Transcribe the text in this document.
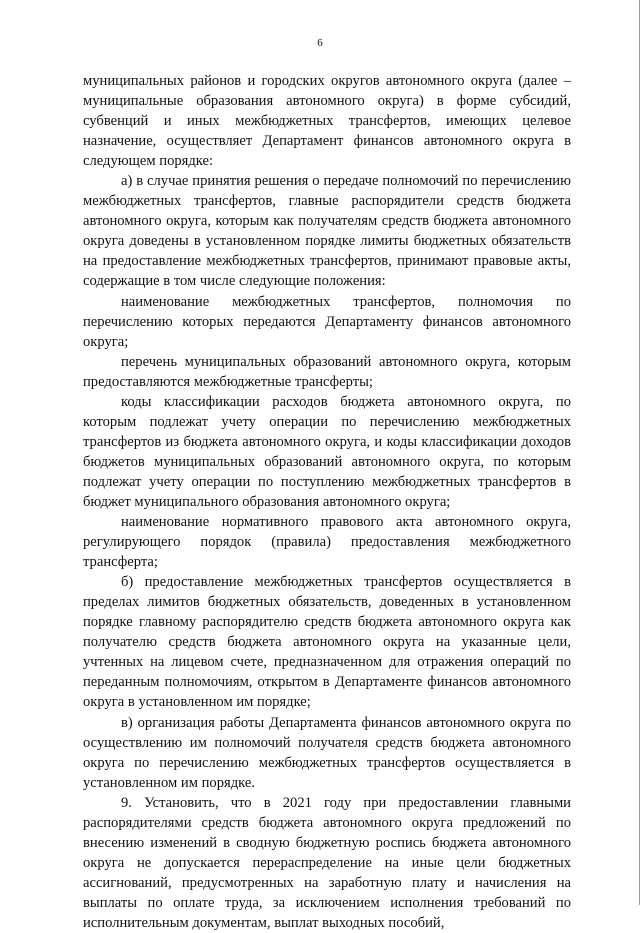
6

муниципальных районов и городских округов автономного округа (далее – муниципальные образования автономного округа) в форме субсидий, субвенций и иных межбюджетных трансфертов, имеющих целевое назначение, осуществляет Департамент финансов автономного округа в следующем порядке:

а) в случае принятия решения о передаче полномочий по перечислению межбюджетных трансфертов, главные распорядители средств бюджета автономного округа, которым как получателям средств бюджета автономного округа доведены в установленном порядке лимиты бюджетных обязательств на предоставление межбюджетных трансфертов, принимают правовые акты, содержащие в том числе следующие положения:

наименование межбюджетных трансфертов, полномочия по перечислению которых передаются Департаменту финансов автономного округа;

перечень муниципальных образований автономного округа, которым предоставляются межбюджетные трансферты;

коды классификации расходов бюджета автономного округа, по которым подлежат учету операции по перечислению межбюджетных трансфертов из бюджета автономного округа, и коды классификации доходов бюджетов муниципальных образований автономного округа, по которым подлежат учету операции по поступлению межбюджетных трансфертов в бюджет муниципального образования автономного округа;

наименование нормативного правового акта автономного округа, регулирующего порядок (правила) предоставления межбюджетного трансферта;

б) предоставление межбюджетных трансфертов осуществляется в пределах лимитов бюджетных обязательств, доведенных в установленном порядке главному распорядителю средств бюджета автономного округа как получателю средств бюджета автономного округа на указанные цели, учтенных на лицевом счете, предназначенном для отражения операций по переданным полномочиям, открытом в Департаменте финансов автономного округа в установленном им порядке;

в) организация работы Департамента финансов автономного округа по осуществлению им полномочий получателя средств бюджета автономного округа по перечислению межбюджетных трансфертов осуществляется в установленном им порядке.

9. Установить, что в 2021 году при предоставлении главными распорядителями средств бюджета автономного округа предложений по внесению изменений в сводную бюджетную роспись бюджета автономного округа не допускается перераспределение на иные цели бюджетных ассигнований, предусмотренных на заработную плату и начисления на выплаты по оплате труда, за исключением исполнения требований по исполнительным документам, выплат выходных пособий,
